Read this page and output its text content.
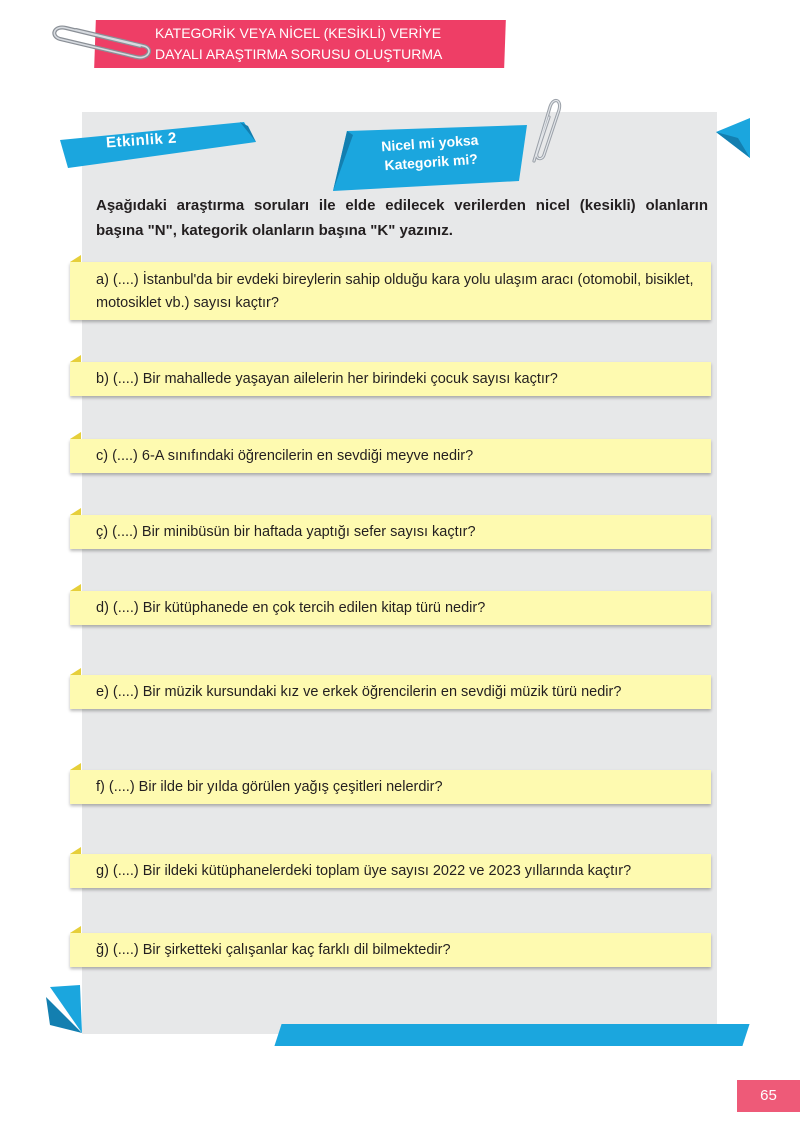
KATEGORİK VEYA NİCEL (KESİKLİ) VERİYE
DAYALI ARAŞTIRMA SORUSU OLUŞTURMA
Etkinlik 2	Nicel mi yoksa
Kategorik mi?
Aşağıdaki araştırma soruları ile elde edilecek verilerden nicel (kesikli) olanların başına "N", kategorik olanların başına "K" yazınız.
a) (....) İstanbul'da bir evdeki bireylerin sahip olduğu kara yolu ulaşım aracı (otomobil, bisiklet, motosiklet vb.) sayısı kaçtır?
b) (....) Bir mahallede yaşayan ailelerin her birindeki çocuk sayısı kaçtır?
c) (....) 6-A sınıfındaki öğrencilerin en sevdiği meyve nedir?
ç) (....) Bir minibüsün bir haftada yaptığı sefer sayısı kaçtır?
d) (....) Bir kütüphanede en çok tercih edilen kitap türü nedir?
e) (....) Bir müzik kursundaki kız ve erkek öğrencilerin en sevdiği müzik türü nedir?
f) (....) Bir ilde bir yılda görülen yağış çeşitleri nelerdir?
g) (....) Bir ildeki kütüphanelerdeki toplam üye sayısı 2022 ve 2023 yıllarında kaçtır?
ğ) (....) Bir şirketteki çalışanlar kaç farklı dil bilmektedir?
65
